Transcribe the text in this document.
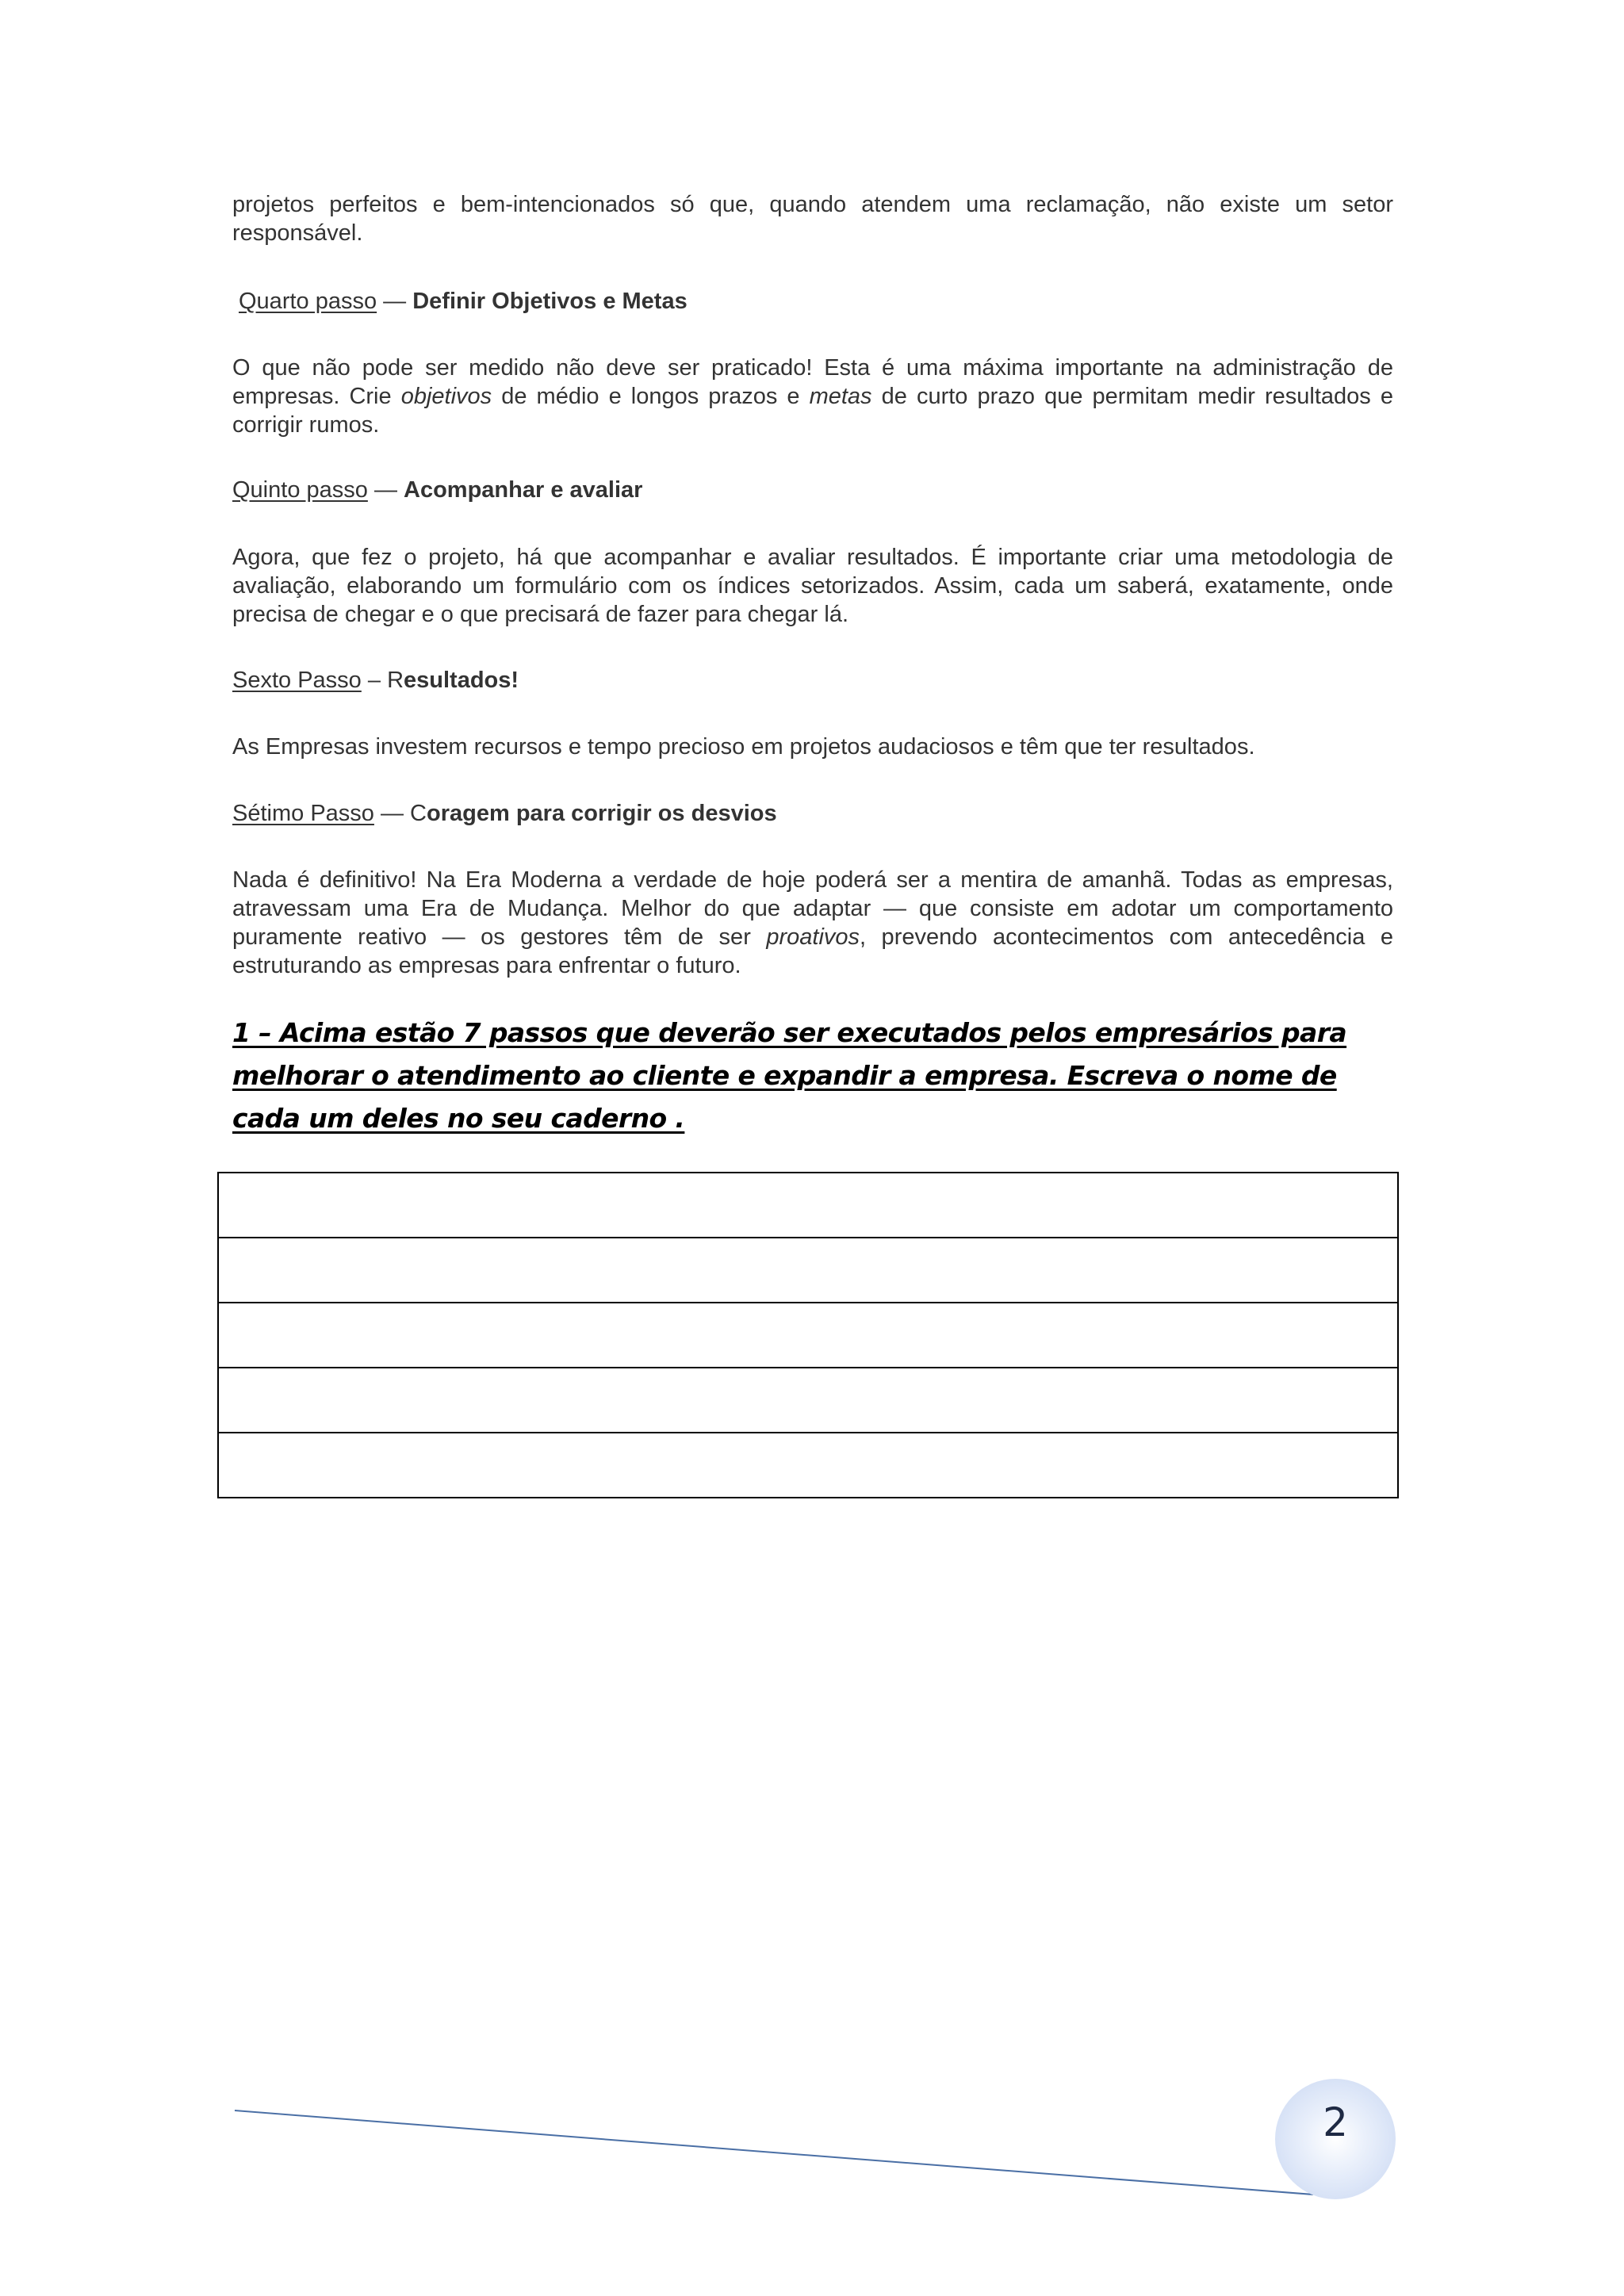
projetos perfeitos e bem-intencionados só que, quando atendem uma reclamação, não existe um setor responsável.

Quarto passo — Definir Objetivos e Metas

O que não pode ser medido não deve ser praticado! Esta é uma máxima importante na administração de empresas. Crie objetivos de médio e longos prazos e metas de curto prazo que permitam medir resultados e corrigir rumos.

Quinto passo — Acompanhar e avaliar

Agora, que fez o projeto, há que acompanhar e avaliar resultados. É importante criar uma metodologia de avaliação, elaborando um formulário com os índices setorizados. Assim, cada um saberá, exatamente, onde precisa de chegar e o que precisará de fazer para chegar lá.

Sexto Passo – Resultados!

As Empresas investem recursos e tempo precioso em projetos audaciosos e têm que ter resultados.

Sétimo Passo — Coragem para corrigir os desvios

Nada é definitivo! Na Era Moderna a verdade de hoje poderá ser a mentira de amanhã. Todas as empresas, atravessam uma Era de Mudança. Melhor do que adaptar — que consiste em adotar um comportamento puramente reativo — os gestores têm de ser proativos, prevendo acontecimentos com antecedência e estruturando as empresas para enfrentar o futuro.

1 – Acima estão 7 passos que deverão ser executados pelos empresários para melhorar o atendimento ao cliente e expandir a empresa. Escreva o nome de cada um deles no seu caderno .

2
